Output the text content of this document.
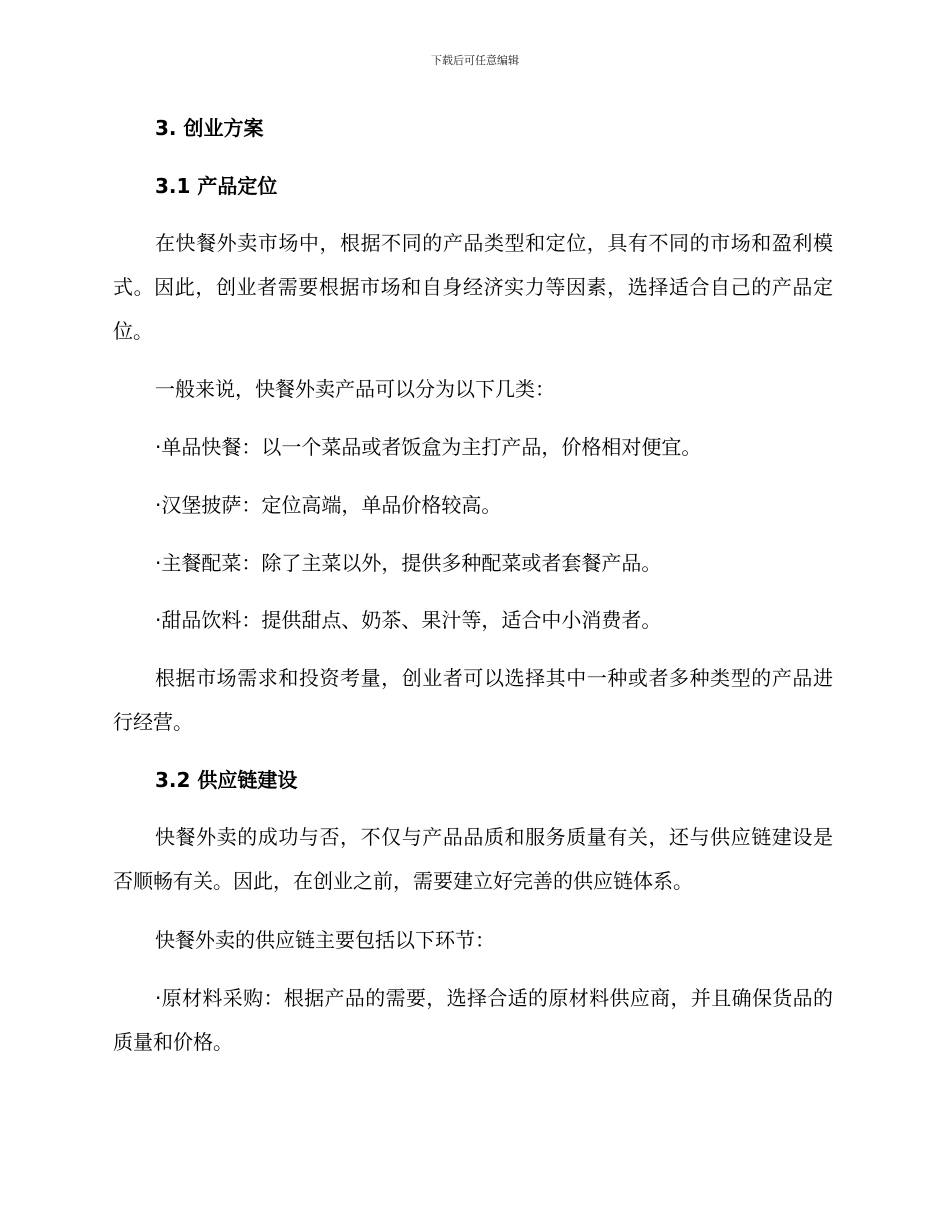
下载后可任意编辑
3. 创业方案
3.1 产品定位
在快餐外卖市场中，根据不同的产品类型和定位，具有不同的市场和盈利模式。因此，创业者需要根据市场和自身经济实力等因素，选择适合自己的产品定位。
一般来说，快餐外卖产品可以分为以下几类：
·单品快餐：以一个菜品或者饭盒为主打产品，价格相对便宜。
·汉堡披萨：定位高端，单品价格较高。
·主餐配菜：除了主菜以外，提供多种配菜或者套餐产品。
·甜品饮料：提供甜点、奶茶、果汁等，适合中小消费者。
根据市场需求和投资考量，创业者可以选择其中一种或者多种类型的产品进行经营。
3.2 供应链建设
快餐外卖的成功与否，不仅与产品品质和服务质量有关，还与供应链建设是否顺畅有关。因此，在创业之前，需要建立好完善的供应链体系。
快餐外卖的供应链主要包括以下环节：
·原材料采购：根据产品的需要，选择合适的原材料供应商，并且确保货品的质量和价格。
